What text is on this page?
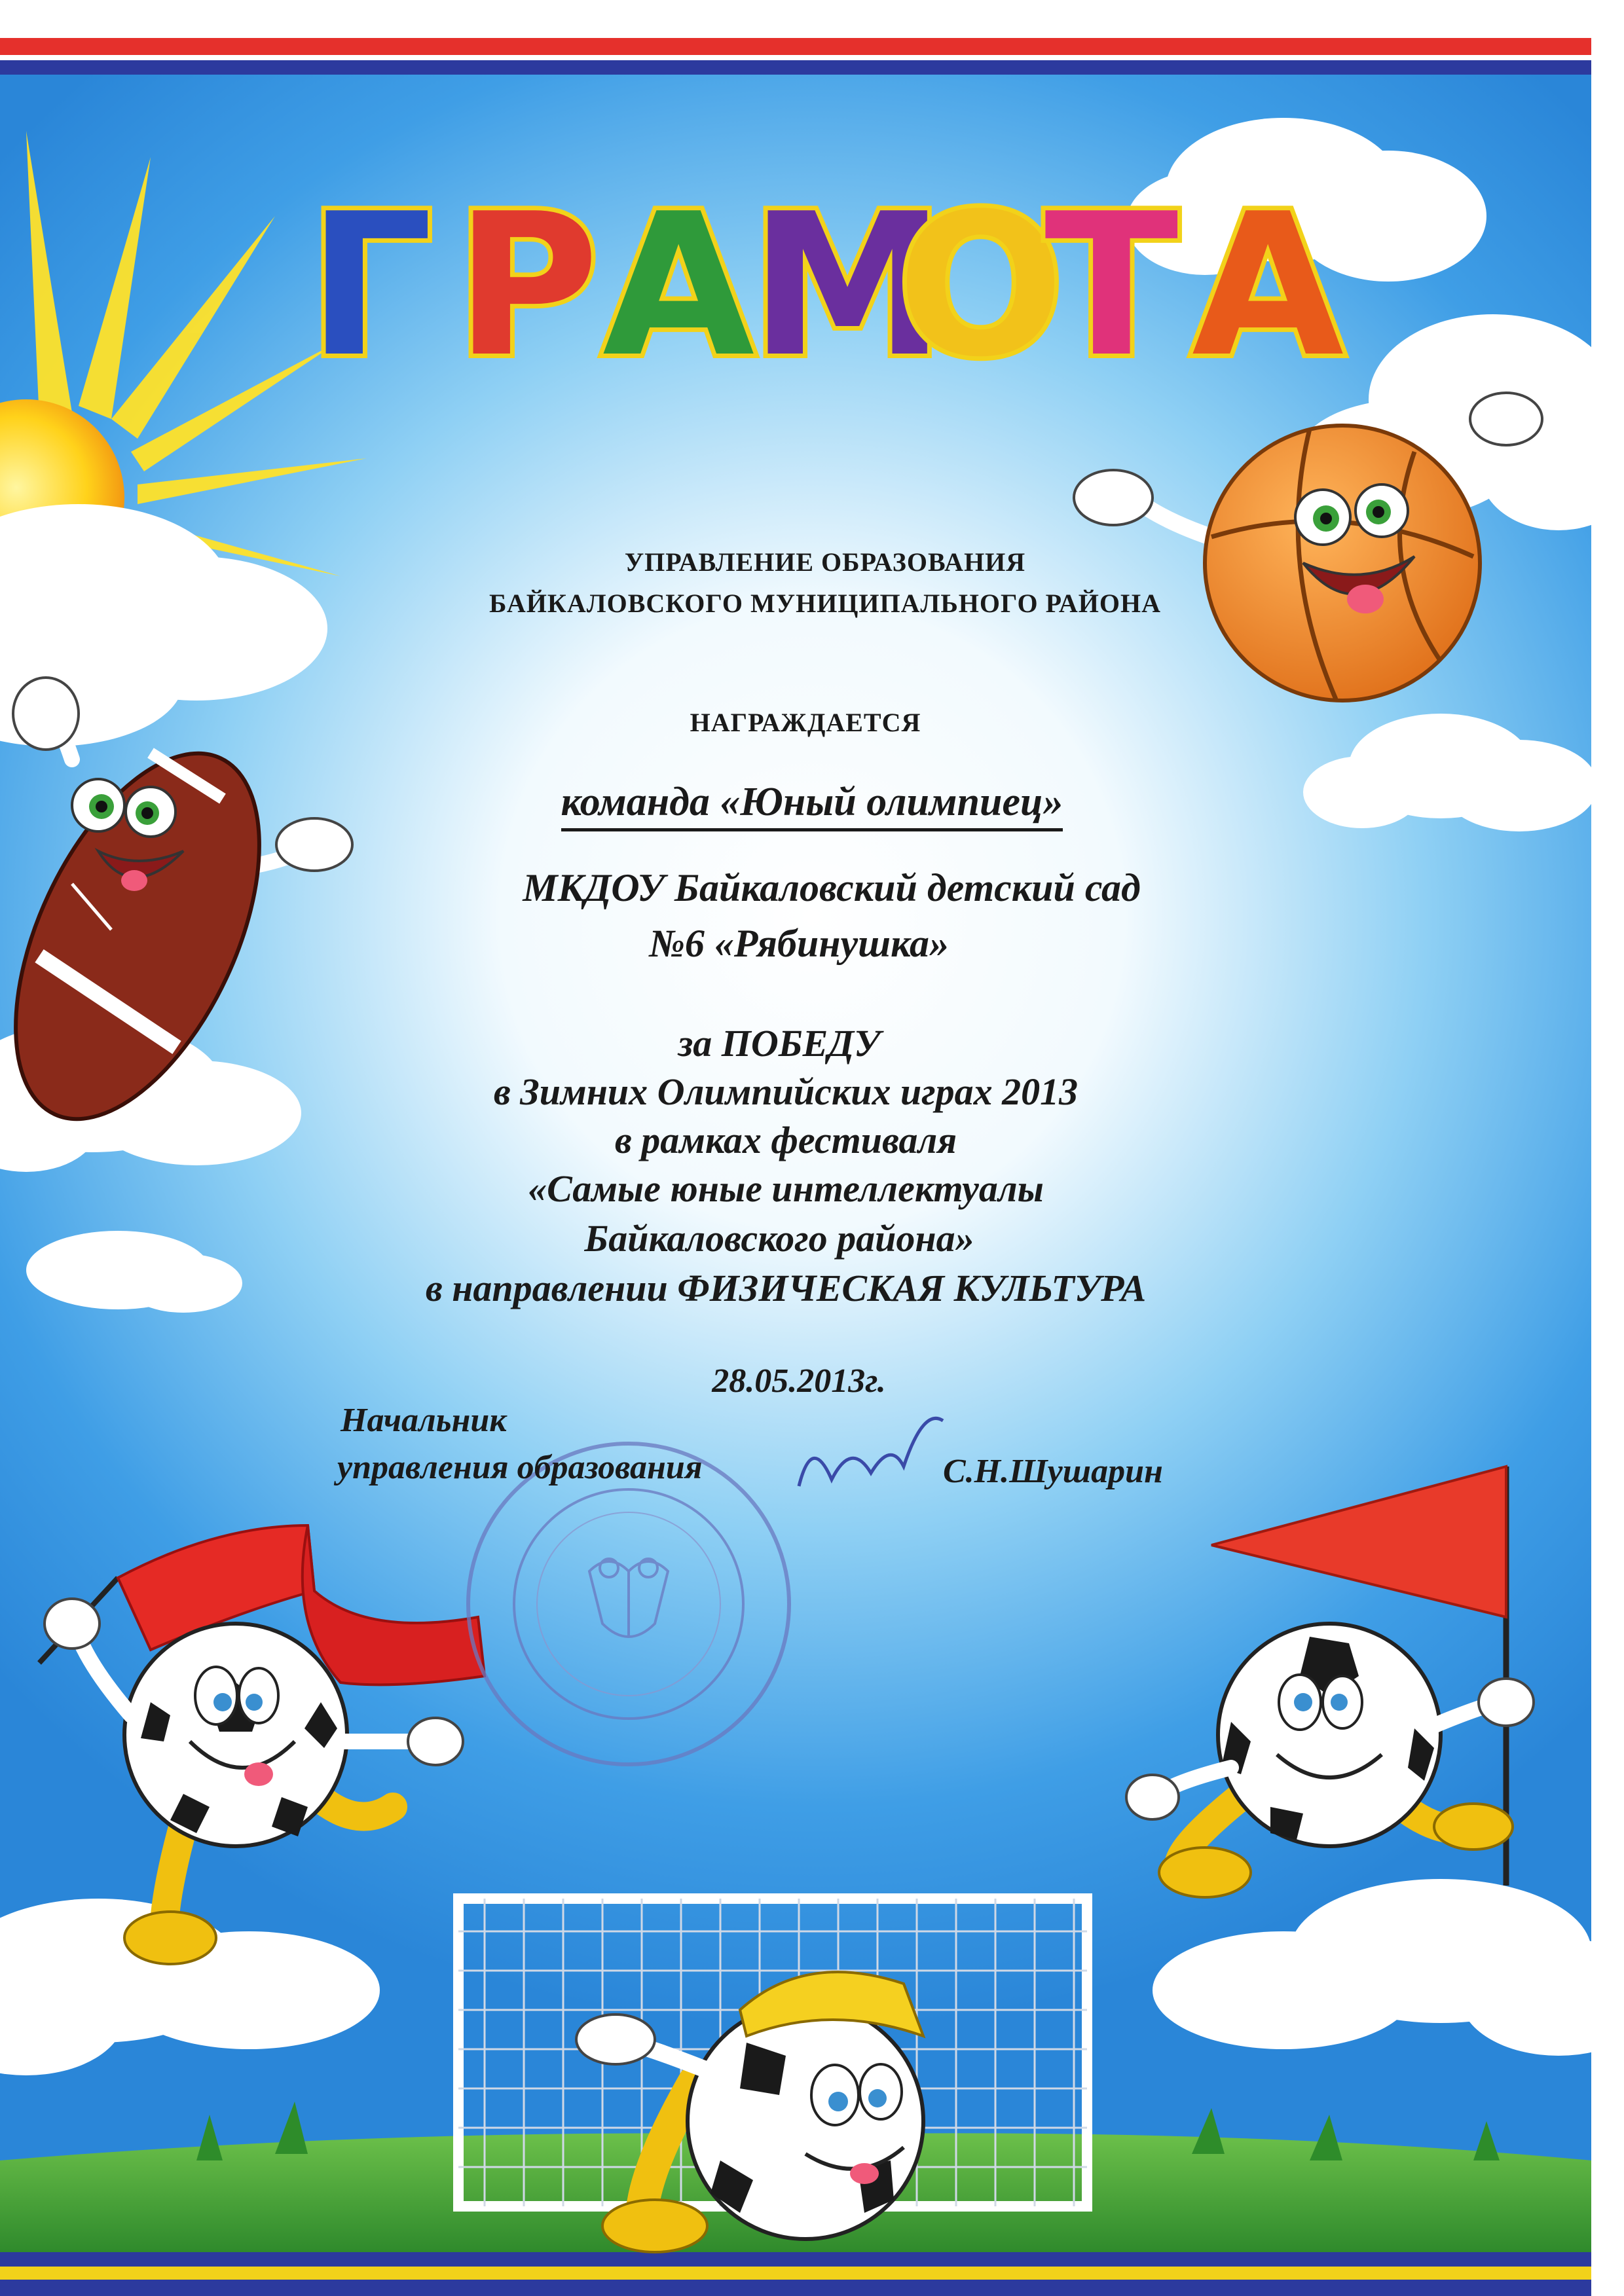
Г Р А
М
О
Т А

УПРАВЛЕНИЕ ОБРАЗОВАНИЯ

БАЙКАЛОВСКОГО МУНИЦИПАЛЬНОГО РАЙОНА

НАГРАЖДАЕТСЯ

команда «Юный олимпиец»

МКДОУ Байкаловский детский сад

№6 «Рябинушка»

за ПОБЕДУ

в Зимних Олимпийских играх 2013

в рамках фестиваля

«Самые юные интеллектуалы

Байкаловского района»

в направлении ФИЗИЧЕСКАЯ КУЛЬТУРА

28.05.2013г.

Начальник

управления образования	С.Н.Шушарин
